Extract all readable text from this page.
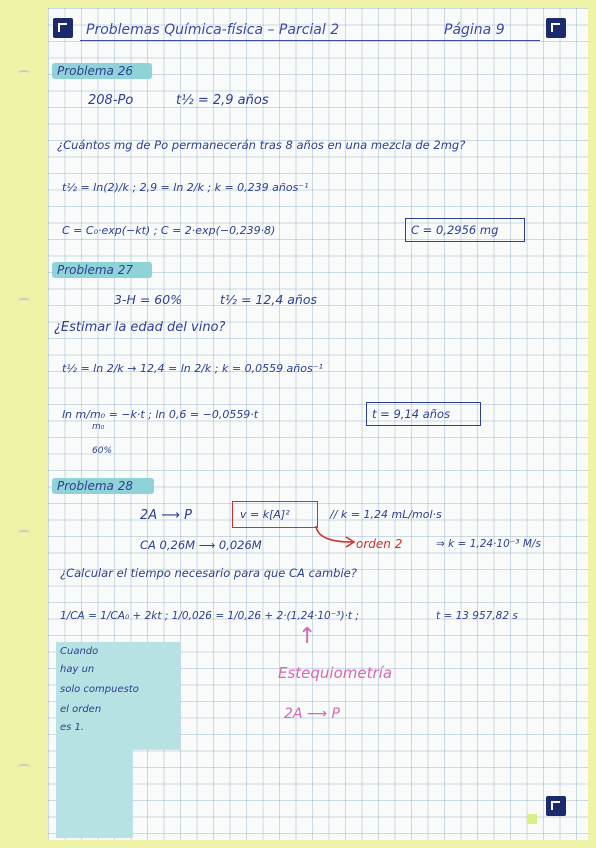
Problemas Química-física – Parcial 2	Página 9
Problema 26
208-Po	t½ = 2,9 años
¿Cuántos mg de Po permanecerán tras 8 años en una mezcla de 2mg?
t½ = ln(2)/k ; 2,9 = ln 2/k ; k = 0,239 años⁻¹
C = C₀·exp(−kt) ; C = 2·exp(−0,239·8)	C = 0,2956 mg
Problema 27
3-H = 60%	t½ = 12,4 años
¿Estimar la edad del vino?
t½ = ln 2/k → 12,4 = ln 2/k ; k = 0,0559 años⁻¹
ln m/m₀ = −k·t ; ln 0,6 = −0,0559·t
m₀
60%
t = 9,14 años
Problema 28
2A ⟶ P	v = k[A]²	// k = 1,24 mL/mol·s
CA 0,26M ⟶ 0,026M	orden 2	⇒ k = 1,24·10⁻³ M/s
¿Calcular el tiempo necesario para que CA cambie?
1/CA = 1/CA₀ + 2kt ; 1/0,026 = 1/0,26 + 2·(1,24·10⁻³)·t ;	t = 13 957,82 s
Cuando
hay un
solo compuesto
el orden
es 1.
↑
Estequiometría
2A ⟶ P
